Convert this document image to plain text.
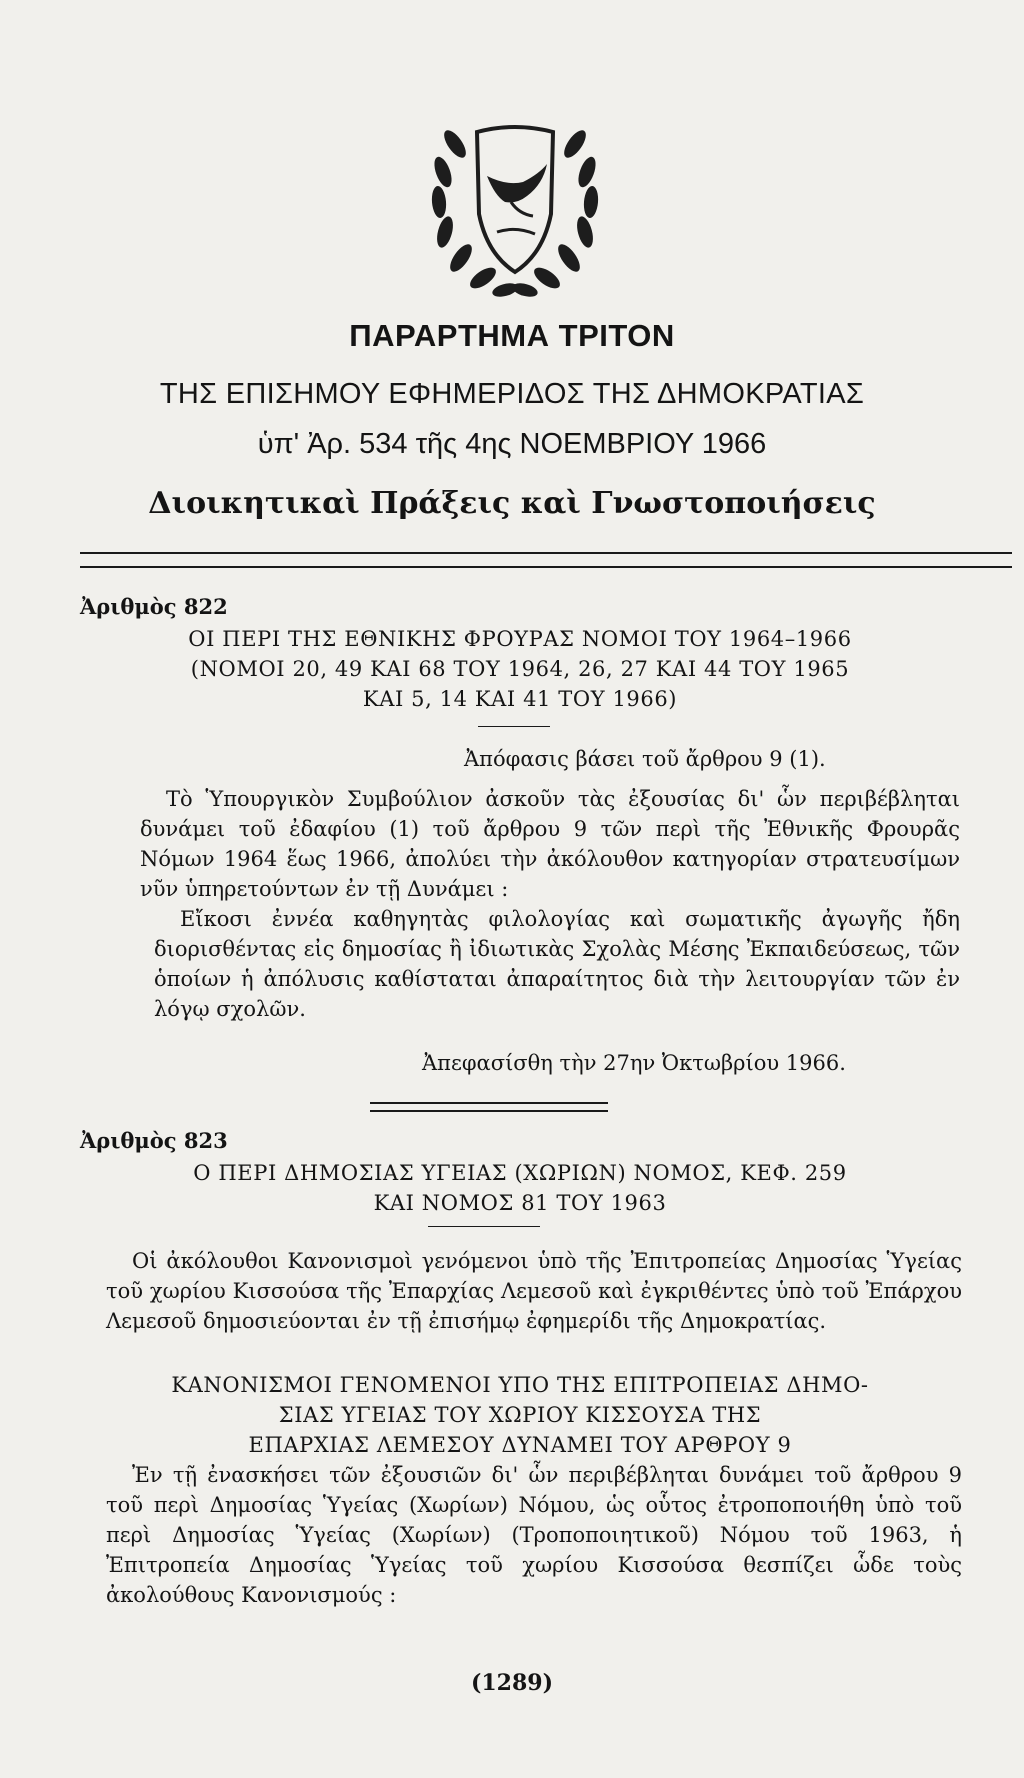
ΠΑΡΑΡΤΗΜΑ ΤΡΙΤΟΝ
ΤΗΣ ΕΠΙΣΗΜΟΥ ΕΦΗΜΕΡΙΔΟΣ ΤΗΣ ΔΗΜΟΚΡΑΤΙΑΣ
ὑπ' Ἀρ. 534 τῆς 4ης ΝΟΕΜΒΡΙΟΥ 1966
Διοικητικαὶ Πράξεις καὶ Γνωστοποιήσεις
Ἀριθμὸς 822
ΟΙ ΠΕΡΙ ΤΗΣ ΕΘΝΙΚΗΣ ΦΡΟΥΡΑΣ ΝΟΜΟΙ ΤΟΥ 1964–1966
(ΝΟΜΟΙ 20, 49 ΚΑΙ 68 ΤΟΥ 1964, 26, 27 ΚΑΙ 44 ΤΟΥ 1965
ΚΑΙ 5, 14 ΚΑΙ 41 ΤΟΥ 1966)
Ἀπόφασις βάσει τοῦ ἄρθρου 9 (1).
Τὸ Ὑπουργικὸν Συμβούλιον ἀσκοῦν τὰς ἐξουσίας δι' ὧν περιβέβληται δυνάμει τοῦ ἐδαφίου (1) τοῦ ἄρθρου 9 τῶν περὶ τῆς Ἐθνικῆς Φρουρᾶς Νόμων 1964 ἕως 1966, ἀπολύει τὴν ἀκόλουθον κατηγορίαν στρατευσίμων νῦν ὑπηρετούντων ἐν τῇ Δυνάμει :
Εἴκοσι ἐννέα καθηγητὰς φιλολογίας καὶ σωματικῆς ἀγωγῆς ἤδη διορισθέντας εἰς δημοσίας ἢ ἰδιωτικὰς Σχολὰς Μέσης Ἐκπαιδεύσεως, τῶν ὁποίων ἡ ἀπόλυσις καθίσταται ἀπαραίτητος διὰ τὴν λειτουργίαν τῶν ἐν λόγῳ σχολῶν.
Ἀπεφασίσθη τὴν 27ην Ὀκτωβρίου 1966.
Ἀριθμὸς 823
Ο ΠΕΡΙ ΔΗΜΟΣΙΑΣ ΥΓΕΙΑΣ (ΧΩΡΙΩΝ) ΝΟΜΟΣ, ΚΕΦ. 259
ΚΑΙ ΝΟΜΟΣ 81 ΤΟΥ 1963
Οἱ ἀκόλουθοι Κανονισμοὶ γενόμενοι ὑπὸ τῆς Ἐπιτροπείας Δημοσίας Ὑγείας τοῦ χωρίου Κισσούσα τῆς Ἐπαρχίας Λεμεσοῦ καὶ ἐγκριθέντες ὑπὸ τοῦ Ἐπάρχου Λεμεσοῦ δημοσιεύονται ἐν τῇ ἐπισήμῳ ἐφημερίδι τῆς Δημοκρατίας.
ΚΑΝΟΝΙΣΜΟΙ ΓΕΝΟΜΕΝΟΙ ΥΠΟ ΤΗΣ ΕΠΙΤΡΟΠΕΙΑΣ ΔΗΜΟ-
ΣΙΑΣ ΥΓΕΙΑΣ ΤΟΥ ΧΩΡΙΟΥ ΚΙΣΣΟΥΣΑ ΤΗΣ
ΕΠΑΡΧΙΑΣ ΛΕΜΕΣΟΥ ΔΥΝΑΜΕΙ ΤΟΥ ΑΡΘΡΟΥ 9
Ἐν τῇ ἐνασκήσει τῶν ἐξουσιῶν δι' ὧν περιβέβληται δυνάμει τοῦ ἄρθρου 9 τοῦ περὶ Δημοσίας Ὑγείας (Χωρίων) Νόμου, ὡς οὗτος ἐτροποποιήθη ὑπὸ τοῦ περὶ Δημοσίας Ὑγείας (Χωρίων) (Τροποποιητικοῦ) Νόμου τοῦ 1963, ἡ Ἐπιτροπεία Δημοσίας Ὑγείας τοῦ χωρίου Κισσούσα θεσπίζει ὧδε τοὺς ἀκολούθους Κανονισμούς :
(1289)
